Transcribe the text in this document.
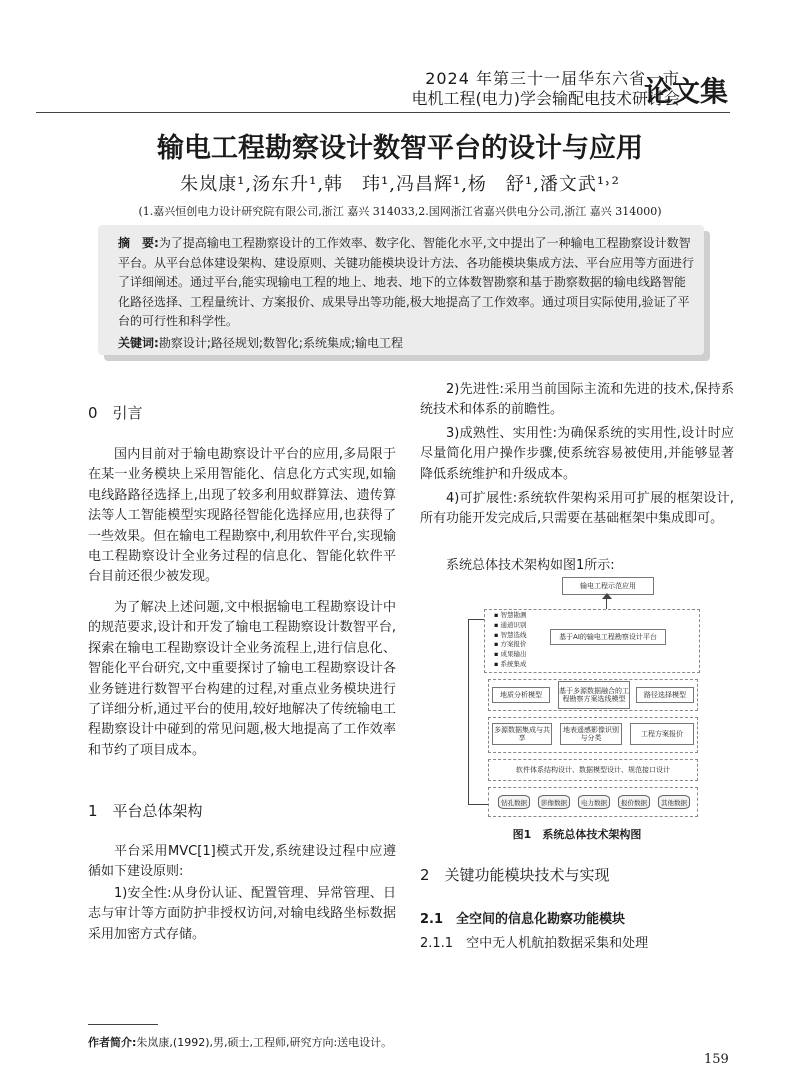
2024 年第三十一届华东六省一市
电机工程(电力)学会输配电技术研讨会
论文集
输电工程勘察设计数智平台的设计与应用
朱岚康¹,汤东升¹,韩　玮¹,冯昌辉¹,杨　舒¹,潘文武¹˒²
(1.嘉兴恒创电力设计研究院有限公司,浙江 嘉兴 314033,2.国网浙江省嘉兴供电分公司,浙江 嘉兴 314000)
摘　要:为了提高输电工程勘察设计的工作效率、数字化、智能化水平,文中提出了一种输电工程勘察设计数智平台。从平台总体建设架构、建设原则、关键功能模块设计方法、各功能模块集成方法、平台应用等方面进行了详细阐述。通过平台,能实现输电工程的地上、地表、地下的立体数智勘察和基于勘察数据的输电线路智能化路径选择、工程量统计、方案报价、成果导出等功能,极大地提高了工作效率。通过项目实际使用,验证了平台的可行性和科学性。
关键词:勘察设计;路径规划;数智化;系统集成;输电工程
0　引言
国内目前对于输电勘察设计平台的应用,多局限于在某一业务模块上采用智能化、信息化方式实现,如输电线路路径选择上,出现了较多利用蚁群算法、遗传算法等人工智能模型实现路径智能化选择应用,也获得了一些效果。但在输电工程勘察中,利用软件平台,实现输电工程勘察设计全业务过程的信息化、智能化软件平台目前还很少被发现。
为了解决上述问题,文中根据输电工程勘察设计中的规范要求,设计和开发了输电工程勘察设计数智平台,探索在输电工程勘察设计全业务流程上,进行信息化、智能化平台研究,文中重要探讨了输电工程勘察设计各业务链进行数智平台构建的过程,对重点业务模块进行了详细分析,通过平台的使用,较好地解决了传统输电工程勘察设计中碰到的常见问题,极大地提高了工作效率和节约了项目成本。
1　平台总体架构
平台采用MVC[1]模式开发,系统建设过程中应遵循如下建设原则:
1)安全性:从身份认证、配置管理、异常管理、日志与审计等方面防护非授权访问,对输电线路坐标数据采用加密方式存储。
2)先进性:采用当前国际主流和先进的技术,保持系统技术和体系的前瞻性。
3)成熟性、实用性:为确保系统的实用性,设计时应尽量简化用户操作步骤,使系统容易被使用,并能够显著降低系统维护和升级成本。
4)可扩展性:系统软件架构采用可扩展的框架设计,所有功能开发完成后,只需要在基础框架中集成即可。
系统总体技术架构如图1所示:
输电工程示范应用
▪ 智慧勘测
▪ 通道识别
▪ 智慧选线
▪ 方案报价
▪ 成果输出
▪ 系统集成
基于AI的输电工程勘察设计平台
地质分析模型	基于多源数据融合的工程勘察方案选线模型	路径选择模型
多源数据集成与共享
地表遥感影像识别与分类	工程方案报价
软件体系结构设计、数据模型设计、规范接口设计
钻孔数据	影像数据	电力数据	报价数据	其他数据
图1　系统总体技术架构图
2　关键功能模块技术与实现
2.1　全空间的信息化勘察功能模块
2.1.1　空中无人机航拍数据采集和处理
作者简介:朱岚康,(1992),男,硕士,工程师,研究方向:送电设计。
159
